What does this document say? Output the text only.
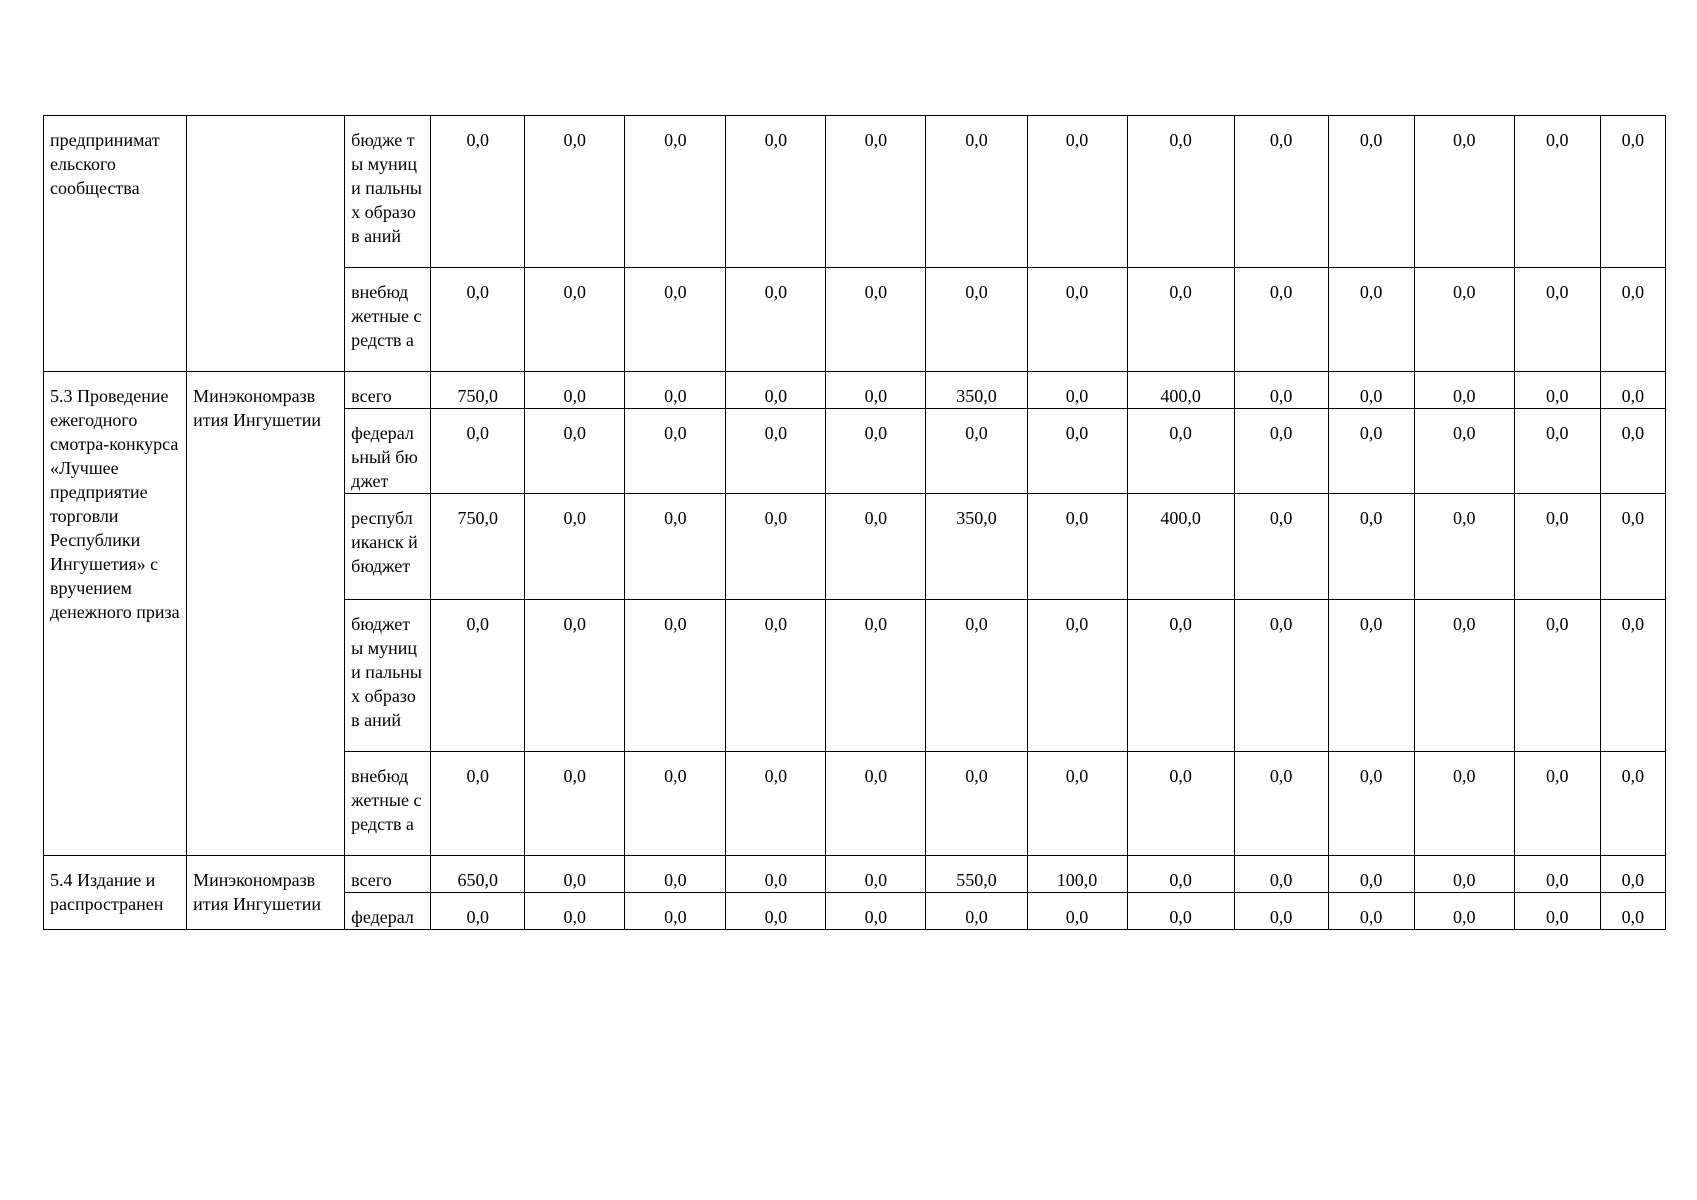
предпринимат ельского сообщества		бюдже ты муници пальных образов аний	0,0	0,0	0,0	0,0	0,0	0,0	0,0	0,0	0,0	0,0	0,0	0,0	0,0
		внебюд жетные средств а	0,0	0,0	0,0	0,0	0,0	0,0	0,0	0,0	0,0	0,0	0,0	0,0	0,0
5.3 Проведение ежегодного смотра-конкурса «Лучшее предприятие торговли Республики Ингушетия» с вручением денежного приза	Минэкономразв ития Ингушетии	всего	750,0	0,0	0,0	0,0	0,0	350,0	0,0	400,0	0,0	0,0	0,0	0,0	0,0
		федерал ьный бюджет	0,0	0,0	0,0	0,0	0,0	0,0	0,0	0,0	0,0	0,0	0,0	0,0	0,0
		республ иканск й бюджет	750,0	0,0	0,0	0,0	0,0	350,0	0,0	400,0	0,0	0,0	0,0	0,0	0,0
		бюджет ы муници пальных образов аний	0,0	0,0	0,0	0,0	0,0	0,0	0,0	0,0	0,0	0,0	0,0	0,0	0,0
		внебюд жетные средств а	0,0	0,0	0,0	0,0	0,0	0,0	0,0	0,0	0,0	0,0	0,0	0,0	0,0
5.4 Издание и распространен	Минэкономразв ития Ингушетии	всего	650,0	0,0	0,0	0,0	0,0	550,0	100,0	0,0	0,0	0,0	0,0	0,0	0,0
		федерал	0,0	0,0	0,0	0,0	0,0	0,0	0,0	0,0	0,0	0,0	0,0	0,0	0,0
